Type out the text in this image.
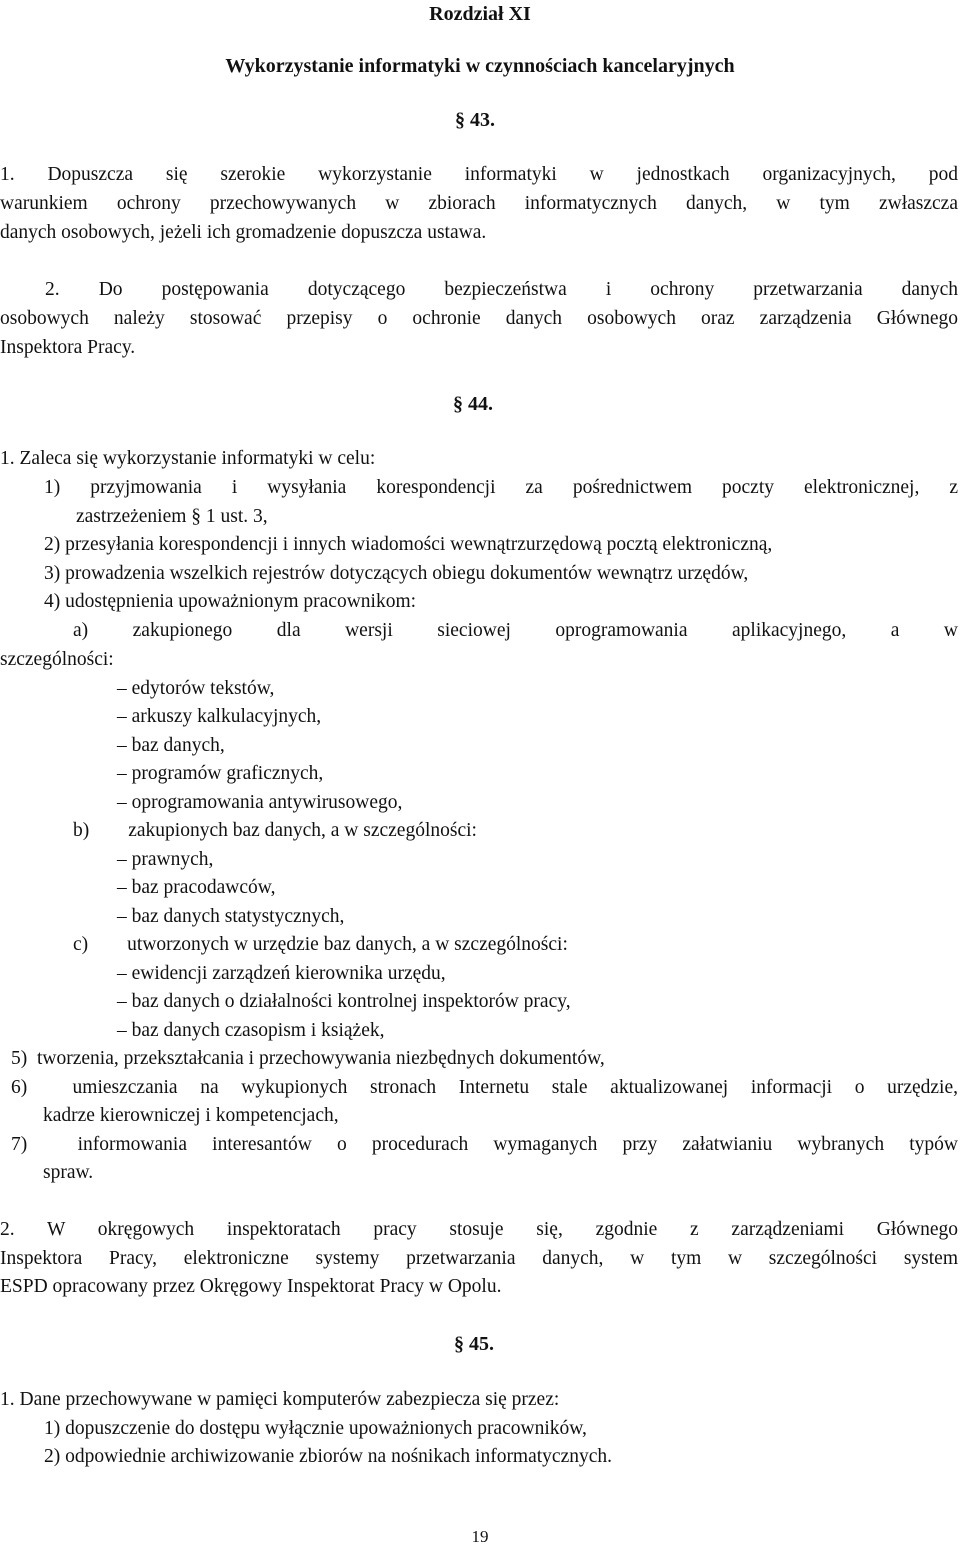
Rozdział XI
Wykorzystanie informatyki w czynnościach kancelaryjnych
§ 43.
1. Dopuszcza się szerokie wykorzystanie informatyki w jednostkach organizacyjnych, pod
warunkiem ochrony przechowywanych w zbiorach informatycznych danych, w tym zwłaszcza
danych osobowych, jeżeli ich gromadzenie dopuszcza ustawa.
2. Do postępowania dotyczącego bezpieczeństwa i ochrony przetwarzania danych
osobowych należy stosować przepisy o ochronie danych osobowych oraz zarządzenia Głównego
Inspektora Pracy.
§ 44.
1. Zaleca się wykorzystanie informatyki w celu:
1) przyjmowania i wysyłania korespondencji za pośrednictwem poczty elektronicznej, z
zastrzeżeniem § 1 ust. 3,
2) przesyłania korespondencji i innych wiadomości wewnątrzurzędową pocztą elektroniczną,
3) prowadzenia wszelkich rejestrów dotyczących obiegu dokumentów wewnątrz urzędów,
4) udostępnienia upoważnionym pracownikom:
a) zakupionego dla wersji sieciowej oprogramowania aplikacyjnego, a w
szczególności:
– edytorów tekstów,
– arkuszy kalkulacyjnych,
– baz danych,
– programów graficznych,
– oprogramowania antywirusowego,
b)        zakupionych baz danych, a w szczególności:
– prawnych,
– baz pracodawców,
– baz danych statystycznych,
c)        utworzonych w urzędzie baz danych, a w szczególności:
– ewidencji zarządzeń kierownika urzędu,
– baz danych o działalności kontrolnej inspektorów pracy,
– baz danych czasopism i książek,
5)  tworzenia, przekształcania i przechowywania niezbędnych dokumentów,
6)  umieszczania na wykupionych stronach Internetu stale aktualizowanej informacji o urzędzie,
kadrze kierowniczej i kompetencjach,
7)  informowania interesantów o procedurach wymaganych przy załatwianiu wybranych typów
spraw.
2. W okręgowych inspektoratach pracy stosuje się, zgodnie z zarządzeniami Głównego
Inspektora Pracy, elektroniczne systemy przetwarzania danych, w tym w szczególności system
ESPD opracowany przez Okręgowy Inspektorat Pracy w Opolu.
§ 45.
1. Dane przechowywane w pamięci komputerów zabezpiecza się przez:
1) dopuszczenie do dostępu wyłącznie upoważnionych pracowników,
2) odpowiednie archiwizowanie zbiorów na nośnikach informatycznych.
19
